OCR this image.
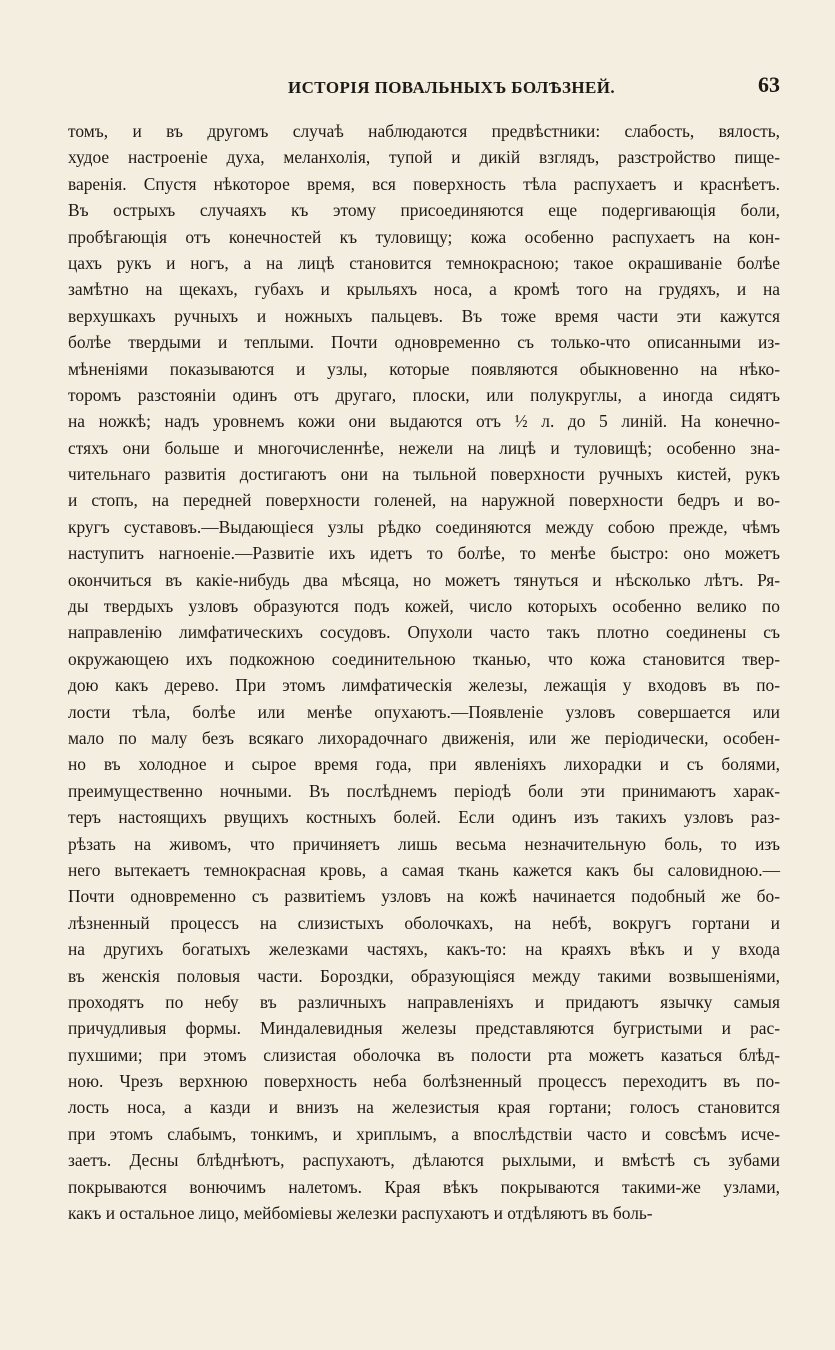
ИСТОРІЯ ПОВАЛЬНЫХЪ БОЛѢЗНЕЙ.	63
томъ, и въ другомъ случаѣ наблюдаются предвѣстники: слабость, вялость,
худое настроеніе духа, меланхолія, тупой и дикій взглядъ, разстройство пище-
варенія. Спустя нѣкоторое время, вся поверхность тѣла распухаетъ и краснѣетъ.
Въ острыхъ случаяхъ къ этому присоединяются еще подергивающія боли,
пробѣгающія отъ конечностей къ туловищу; кожа особенно распухаетъ на кон-
цахъ рукъ и ногъ, а на лицѣ становится темнокрасною; такое окрашиваніе болѣе
замѣтно на щекахъ, губахъ и крыльяхъ носа, а кромѣ того на грудяхъ, и на
верхушкахъ ручныхъ и ножныхъ пальцевъ. Въ тоже время части эти кажутся
болѣе твердыми и теплыми. Почти одновременно съ только-что описанными из-
мѣненіями показываются и узлы, которые появляются обыкновенно на нѣко-
торомъ разстояніи одинъ отъ другаго, плоски, или полукруглы, а иногда сидятъ
на ножкѣ; надъ уровнемъ кожи они выдаются отъ ½ л. до 5 линій. На конечно-
стяхъ они больше и многочисленнѣе, нежели на лицѣ и туловищѣ; особенно зна-
чительнаго развитія достигаютъ они на тыльной поверхности ручныхъ кистей, рукъ
и стопъ, на передней поверхности голеней, на наружной поверхности бедръ и во-
кругъ суставовъ.—Выдающіеся узлы рѣдко соединяются между собою прежде, чѣмъ
наступитъ нагноеніе.—Развитіе ихъ идетъ то болѣе, то менѣе быстро: оно можетъ
окончиться въ какіе-нибудь два мѣсяца, но можетъ тянуться и нѣсколько лѣтъ. Ря-
ды твердыхъ узловъ образуются подъ кожей, число которыхъ особенно велико по
направленію лимфатическихъ сосудовъ. Опухоли часто такъ плотно соединены съ
окружающею ихъ подкожною соединительною тканью, что кожа становится твер-
дою какъ дерево. При этомъ лимфатическія железы, лежащія у входовъ въ по-
лости тѣла, болѣе или менѣе опухаютъ.—Появленіе узловъ совершается или
мало по малу безъ всякаго лихорадочнаго движенія, или же періодически, особен-
но въ холодное и сырое время года, при явленіяхъ лихорадки и съ болями,
преимущественно ночными. Въ послѣднемъ періодѣ боли эти принимаютъ харак-
теръ настоящихъ рвущихъ костныхъ болей. Если одинъ изъ такихъ узловъ раз-
рѣзать на живомъ, что причиняетъ лишь весьма незначительную боль, то изъ
него вытекаетъ темнокрасная кровь, а самая ткань кажется какъ бы саловидною.—
Почти одновременно съ развитіемъ узловъ на кожѣ начинается подобный же бо-
лѣзненный процессъ на слизистыхъ оболочкахъ, на небѣ, вокругъ гортани и
на другихъ богатыхъ железками частяхъ, какъ-то: на краяхъ вѣкъ и у входа
въ женскія половыя части. Бороздки, образующіяся между такими возвышеніями,
проходятъ по небу въ различныхъ направленіяхъ и придаютъ язычку самыя
причудливыя формы. Миндалевидныя железы представляются бугристыми и рас-
пухшими; при этомъ слизистая оболочка въ полости рта можетъ казаться блѣд-
ною. Чрезъ верхнюю поверхность неба болѣзненный процессъ переходитъ въ по-
лость носа, а казди и внизъ на железистыя края гортани; голосъ становится
при этомъ слабымъ, тонкимъ, и хриплымъ, а впослѣдствіи часто и совсѣмъ исче-
заетъ. Десны блѣднѣютъ, распухаютъ, дѣлаются рыхлыми, и вмѣстѣ съ зубами
покрываются вонючимъ налетомъ. Края вѣкъ покрываются такими-же узлами,
какъ и остальное лицо, мейбоміевы железки распухаютъ и отдѣляютъ въ боль-
